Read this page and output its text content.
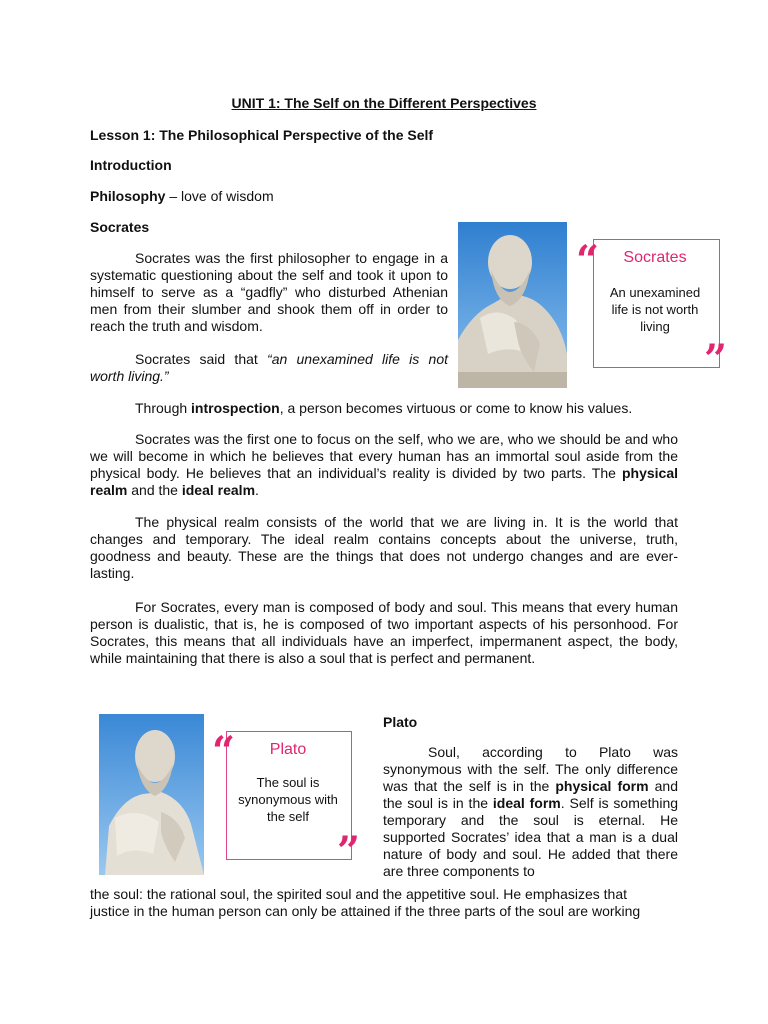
UNIT 1: The Self on the Different Perspectives

Lesson 1: The Philosophical Perspective of the Self

Introduction

Philosophy – love of wisdom

Socrates

Socrates was the first philosopher to engage in a systematic questioning about the self and took it upon to himself to serve as a “gadfly” who disturbed Athenian men from their slumber and shook them off in order to reach the truth and wisdom.

Socrates said that “an unexamined life is not worth living.”

“
”
Socrates
An unexamined life is not worth living

Through introspection, a person becomes virtuous or come to know his values.

Socrates was the first one to focus on the self, who we are, who we should be and who we will become in which he believes that every human has an immortal soul aside from the physical body. He believes that an individual’s reality is divided by two parts. The physical realm and the ideal realm.

The physical realm consists of the world that we are living in. It is the world that changes and temporary. The ideal realm contains concepts about the universe, truth, goodness and beauty. These are the things that does not undergo changes and are ever-lasting.

For Socrates, every man is composed of body and soul. This means that every human person is dualistic, that is, he is composed of two important aspects of his personhood. For Socrates, this means that all individuals have an imperfect, impermanent aspect, the body, while maintaining that there is also a soul that is perfect and permanent.

“
”
Plato
The soul is synonymous with the self

Plato

Soul, according to Plato was synonymous with the self. The only difference was that the self is in the physical form and the soul is in the ideal form. Self is something temporary and the soul is eternal. He supported Socrates’ idea that a man is a dual nature of body and soul. He added that there are three components to

the soul: the rational soul, the spirited soul and the appetitive soul. He emphasizes that

justice in the human person can only be attained if the three parts of the soul are working
